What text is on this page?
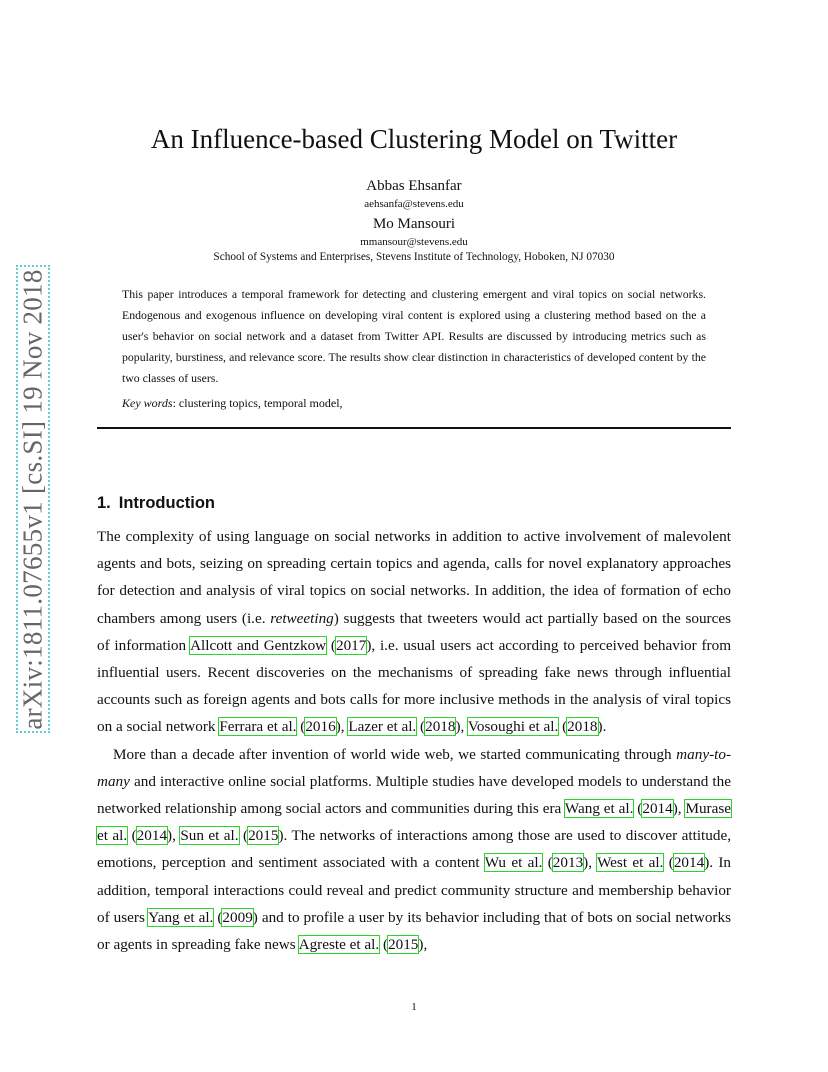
arXiv:1811.07655v1 [cs.SI] 19 Nov 2018
An Influence-based Clustering Model on Twitter
Abbas Ehsanfar
aehsanfa@stevens.edu
Mo Mansouri
mmansour@stevens.edu
School of Systems and Enterprises, Stevens Institute of Technology, Hoboken, NJ 07030
This paper introduces a temporal framework for detecting and clustering emergent and viral topics on social networks. Endogenous and exogenous influence on developing viral content is explored using a clustering method based on the a user's behavior on social network and a dataset from Twitter API. Results are discussed by introducing metrics such as popularity, burstiness, and relevance score. The results show clear distinction in characteristics of developed content by the two classes of users.
Key words: clustering topics, temporal model,
1. Introduction

The complexity of using language on social networks in addition to active involvement of malevolent agents and bots, seizing on spreading certain topics and agenda, calls for novel explanatory approaches for detection and analysis of viral topics on social networks. In addition, the idea of formation of echo chambers among users (i.e. retweeting) suggests that tweeters would act partially based on the sources of information Allcott and Gentzkow (2017), i.e. usual users act according to perceived behavior from influential users. Recent discoveries on the mechanisms of spreading fake news through influential accounts such as foreign agents and bots calls for more inclusive methods in the analysis of viral topics on a social network Ferrara et al. (2016), Lazer et al. (2018), Vosoughi et al. (2018).

More than a decade after invention of world wide web, we started communicating through many-to-many and interactive online social platforms. Multiple studies have developed models to understand the networked relationship among social actors and communities during this era Wang et al. (2014), Murase et al. (2014), Sun et al. (2015). The networks of interactions among those are used to discover attitude, emotions, perception and sentiment associated with a content Wu et al. (2013), West et al. (2014). In addition, temporal interactions could reveal and predict community structure and membership behavior of users Yang et al. (2009) and to profile a user by its behavior including that of bots on social networks or agents in spreading fake news Agreste et al. (2015),

1
